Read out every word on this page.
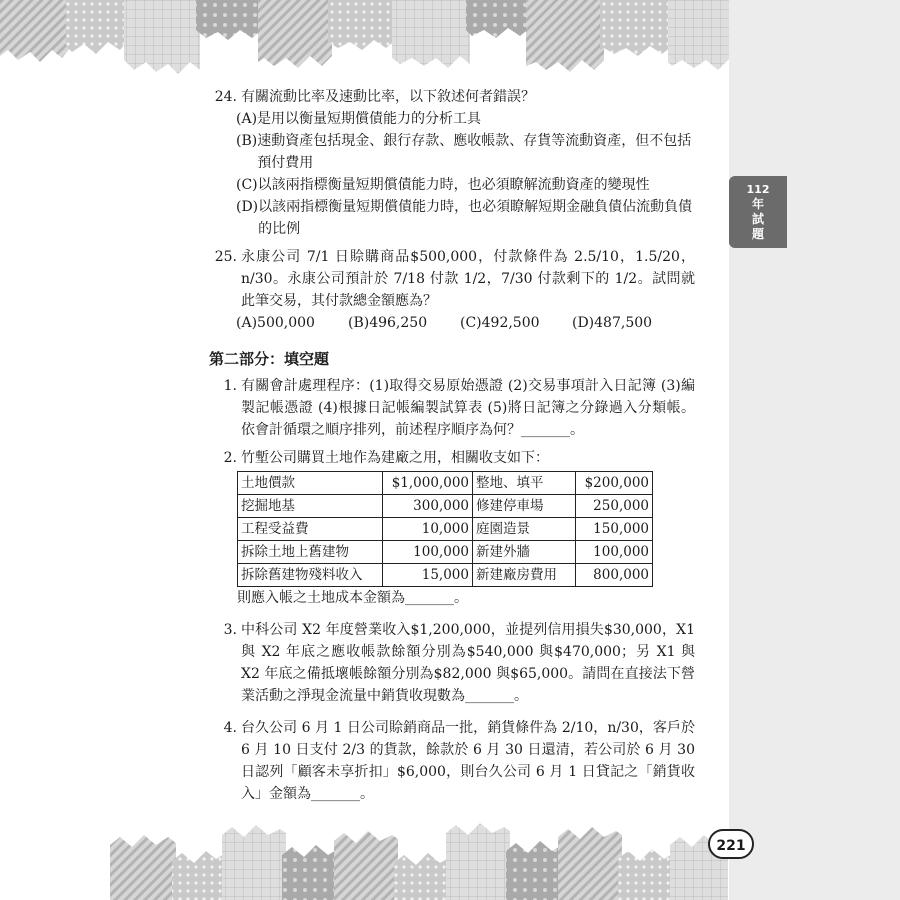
112
年
試
題
24. 有關流動比率及速動比率，以下敘述何者錯誤？
(A) 是用以衡量短期償債能力的分析工具
(B) 速動資產包括現金、銀行存款、應收帳款、存貨等流動資產，但不包括預付費用
(C) 以該兩指標衡量短期償債能力時，也必須瞭解流動資產的變現性
(D) 以該兩指標衡量短期償債能力時，也必須瞭解短期金融負債佔流動負債的比例
25. 永康公司 7/1 日賒購商品$500,000，付款條件為 2.5/10，1.5/20，n/30。永康公司預計於 7/18 付款 1/2，7/30 付款剩下的 1/2。試問就此筆交易，其付款總金額應為？
(A)500,000	(B)496,250	(C)492,500	(D)487,500
第二部分：填空題
1. 有關會計處理程序：(1)取得交易原始憑證 (2)交易事項計入日記簿 (3)編製記帳憑證 (4)根據日記帳編製試算表 (5)將日記簿之分錄過入分類帳。依會計循環之順序排列，前述程序順序為何？_______。
2. 竹塹公司購買土地作為建廠之用，相關收支如下：
土地價款	$1,000,000	整地、填平	$200,000
挖掘地基	300,000	修建停車場	250,000
工程受益費	10,000	庭園造景	150,000
拆除土地上舊建物	100,000	新建外牆	100,000
拆除舊建物殘料收入	15,000	新建廠房費用	800,000
則應入帳之土地成本金額為_______。
3. 中科公司 X2 年度營業收入$1,200,000，並提列信用損失$30,000，X1 與 X2 年底之應收帳款餘額分別為$540,000 與$470,000；另 X1 與 X2 年底之備抵壞帳餘額分別為$82,000 與$65,000。請問在直接法下營業活動之淨現金流量中銷貨收現數為_______。
4. 台久公司 6 月 1 日公司賒銷商品一批，銷貨條件為 2/10，n/30，客戶於 6 月 10 日支付 2/3 的貨款，餘款於 6 月 30 日還清，若公司於 6 月 30 日認列「顧客未享折扣」$6,000，則台久公司 6 月 1 日貸記之「銷貨收入」金額為_______。
221
